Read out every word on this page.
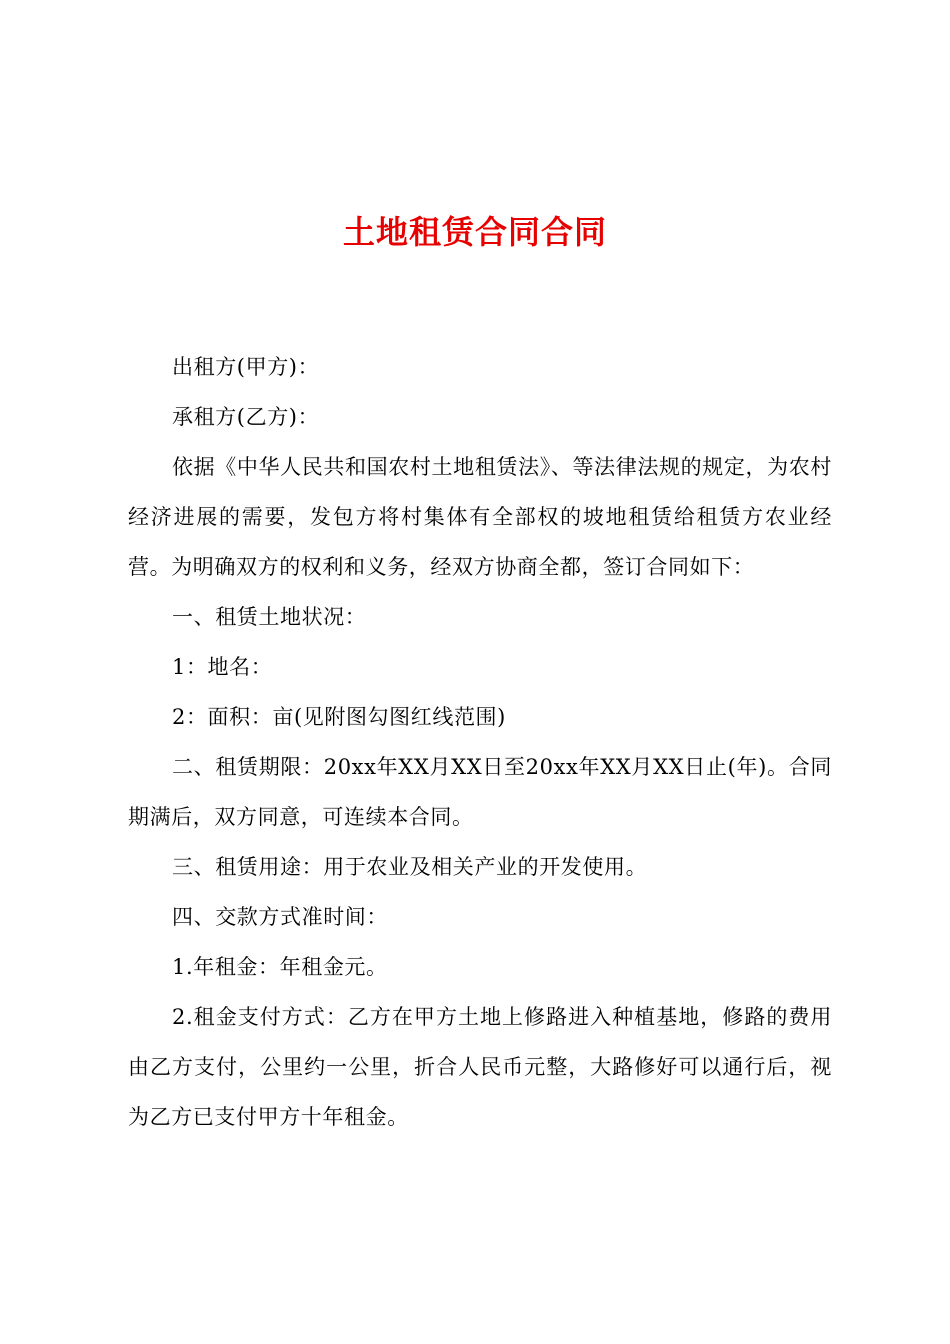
土地租赁合同合同

出租方(甲方)：

承租方(乙方)：

依据《中华人民共和国农村土地租赁法》、等法律法规的规定，为农村经济进展的需要，发包方将村集体有全部权的坡地租赁给租赁方农业经营。为明确双方的权利和义务，经双方协商全都，签订合同如下：

一、租赁土地状况：

1：地名：

2：面积：亩(见附图勾图红线范围)

二、租赁期限：20xx年XX月XX日至20xx年XX月XX日止(年)。合同期满后，双方同意，可连续本合同。

三、租赁用途：用于农业及相关产业的开发使用。

四、交款方式准时间：

1.年租金：年租金元。

2.租金支付方式：乙方在甲方土地上修路进入种植基地，修路的费用由乙方支付，公里约一公里，折合人民币元整，大路修好可以通行后，视为乙方已支付甲方十年租金。
